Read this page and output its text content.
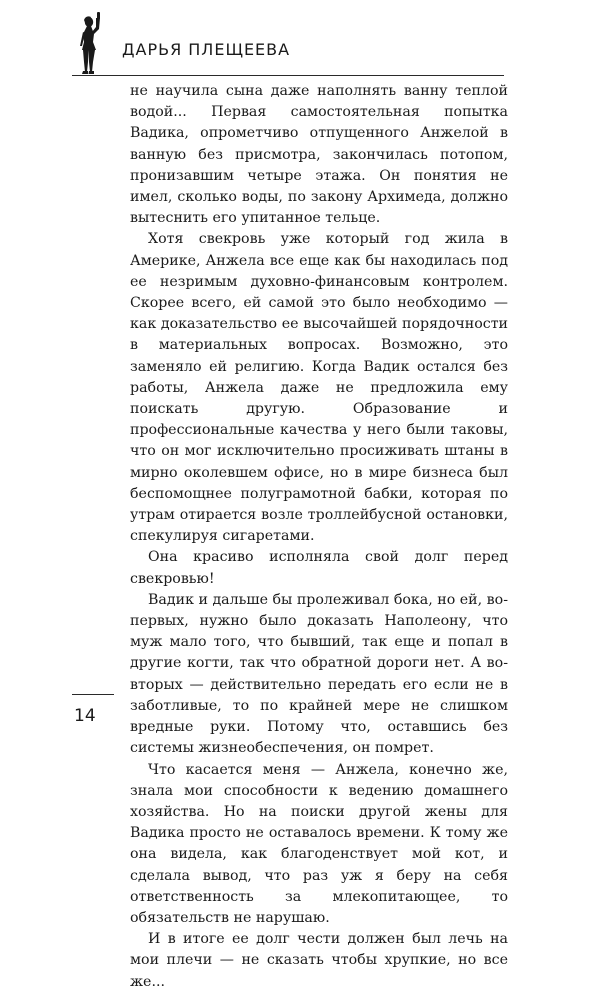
ДАРЬЯ ПЛЕЩЕЕВА

не научила сына даже наполнять ванну теплой водой... Первая самостоятельная попытка Вадика, опрометчиво отпущенного Анжелой в ванную без присмотра, закончилась потопом, пронизавшим четыре этажа. Он понятия не имел, сколько воды, по закону Архимеда, должно вытеснить его упитанное тельце.

Хотя свекровь уже который год жила в Америке, Анжела все еще как бы находилась под ее незримым духовно-финансовым контролем. Скорее всего, ей самой это было необходимо — как доказательство ее высочайшей порядочности в материальных вопросах. Возможно, это заменяло ей религию. Когда Вадик остался без работы, Анжела даже не предложила ему поискать другую. Образование и профессиональные качества у него были таковы, что он мог исключительно просиживать штаны в мирно околевшем офисе, но в мире бизнеса был беспомощнее полуграмотной бабки, которая по утрам отирается возле троллейбусной остановки, спекулируя сигаретами.

Она красиво исполняла свой долг перед свекровью!

Вадик и дальше бы пролеживал бока, но ей, во-первых, нужно было доказать Наполеону, что муж мало того, что бывший, так еще и попал в другие когти, так что обратной дороги нет. А во-вторых — действительно передать его если не в заботливые, то по крайней мере не слишком вредные руки. Потому что, оставшись без системы жизнеобеспечения, он помрет.

Что касается меня — Анжела, конечно же, знала мои способности к ведению домашнего хозяйства. Но на поиски другой жены для Вадика просто не оставалось времени. К тому же она видела, как благоденствует мой кот, и сделала вывод, что раз уж я беру на себя ответственность за млекопитающее, то обязательств не нарушаю.

И в итоге ее долг чести должен был лечь на мои плечи — не сказать чтобы хрупкие, но все же...

14
